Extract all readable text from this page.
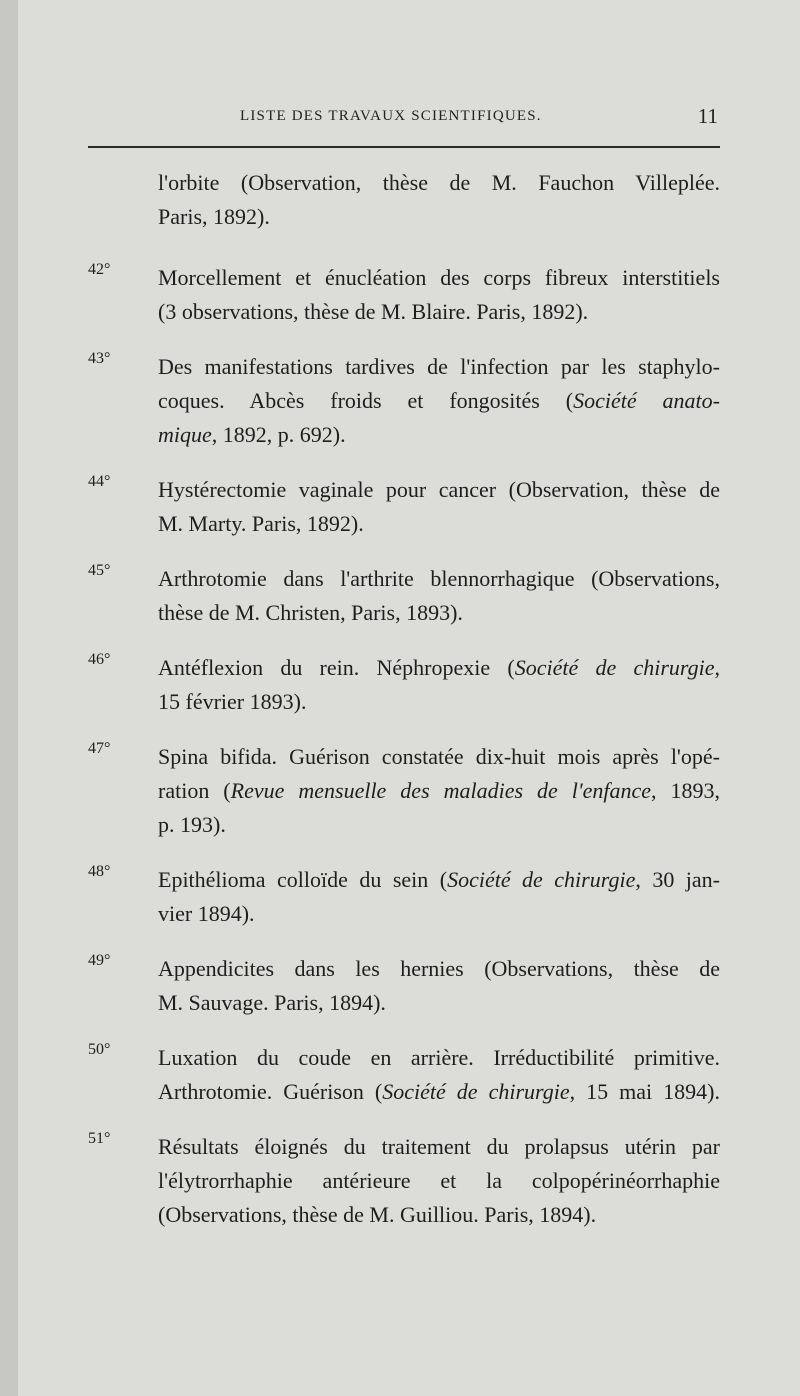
LISTE DES TRAVAUX SCIENTIFIQUES.	11
l'orbite (Observation, thèse de M. Fauchon Villeplée.
Paris, 1892).
42°	Morcellement et énucléation des corps fibreux interstitiels
(3 observations, thèse de M. Blaire. Paris, 1892).
43°	Des manifestations tardives de l'infection par les staphylo-
coques. Abcès froids et fongosités (Société anato-
mique, 1892, p. 692).
44°	Hystérectomie vaginale pour cancer (Observation, thèse de
M. Marty. Paris, 1892).
45°	Arthrotomie dans l'arthrite blennorrhagique (Observations,
thèse de M. Christen, Paris, 1893).
46°	Antéflexion du rein. Néphropexie (Société de chirurgie,
15 février 1893).
47°	Spina bifida. Guérison constatée dix-huit mois après l'opé-
ration (Revue mensuelle des maladies de l'enfance, 1893,
p. 193).
48°	Epithélioma colloïde du sein (Société de chirurgie, 30 jan-
vier 1894).
49°	Appendicites dans les hernies (Observations, thèse de
M. Sauvage. Paris, 1894).
50°	Luxation du coude en arrière. Irréductibilité primitive.
Arthrotomie. Guérison (Société de chirurgie, 15 mai 1894).
51°	Résultats éloignés du traitement du prolapsus utérin par
l'élytrorrhaphie antérieure et la colpopérinéorrhaphie
(Observations, thèse de M. Guilliou. Paris, 1894).
